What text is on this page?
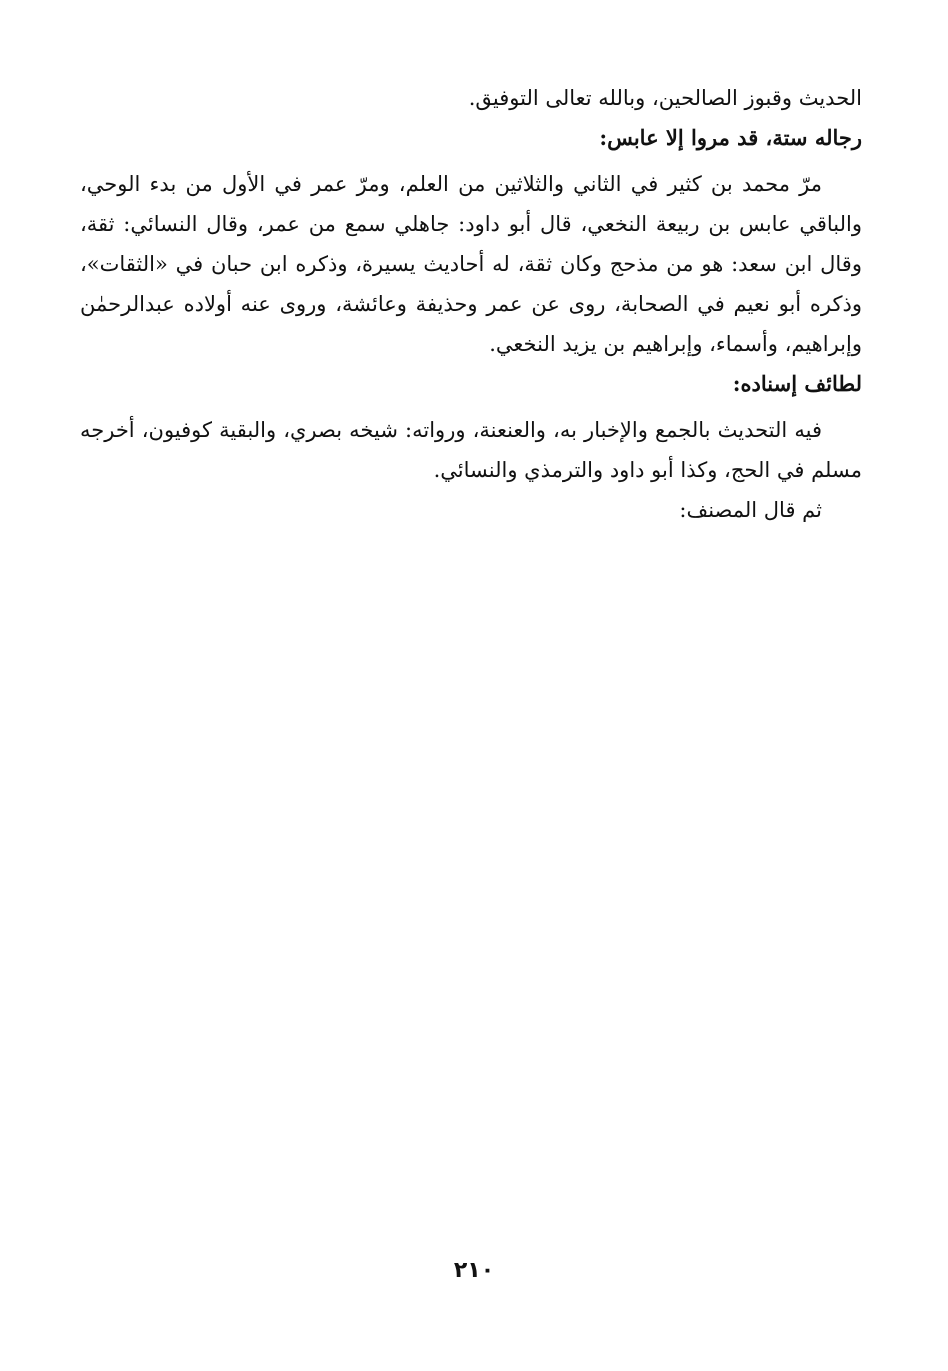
الحديث وقبوز الصالحين، وبالله تعالى التوفيق.

رجاله ستة، قد مروا إلا عابس:

مرّ محمد بن كثير في الثاني والثلاثين من العلم، ومرّ عمر في الأول من بدء الوحي، والباقي عابس بن ربيعة النخعي، قال أبو داود: جاهلي سمع من عمر، وقال النسائي: ثقة، وقال ابن سعد: هو من مذحج وكان ثقة، له أحاديث يسيرة، وذكره ابن حبان في «الثقات»، وذكره أبو نعيم في الصحابة، روى عن عمر وحذيفة وعائشة، وروى عنه أولاده عبدالرحمٰن وإبراهيم، وأسماء، وإبراهيم بن يزيد النخعي.

لطائف إسناده:

فيه التحديث بالجمع والإخبار به، والعنعنة، ورواته: شيخه بصري، والبقية كوفيون، أخرجه مسلم في الحج، وكذا أبو داود والترمذي والنسائي.

ثم قال المصنف:

٢١٠
